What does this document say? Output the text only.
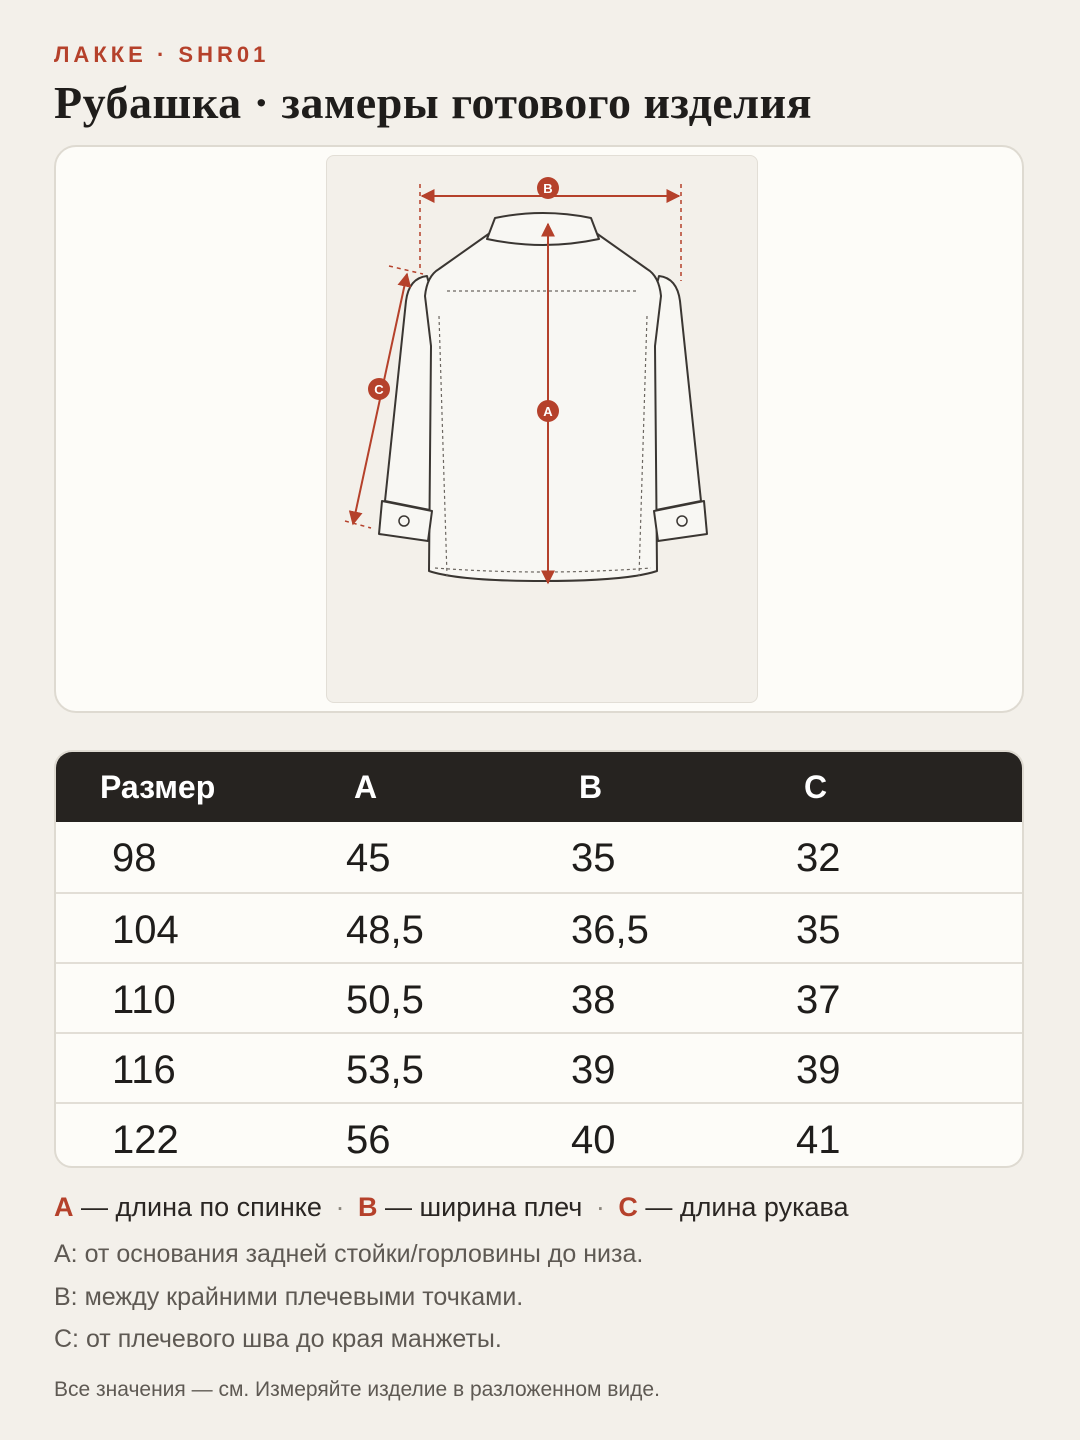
ЛАККЕ · SHR01
Рубашка · замеры готового изделия
B
A
C
Размер	A	B	C
98	45	35	32
104	48,5	36,5	35
110	50,5	38	37
116	53,5	39	39
122	56	40	41
A — длина по спинке · B — ширина плеч · C — длина рукава
A: от основания задней стойки/горловины до низа.
B: между крайними плечевыми точками.
C: от плечевого шва до края манжеты.
Все значения — см. Измеряйте изделие в разложенном виде.
